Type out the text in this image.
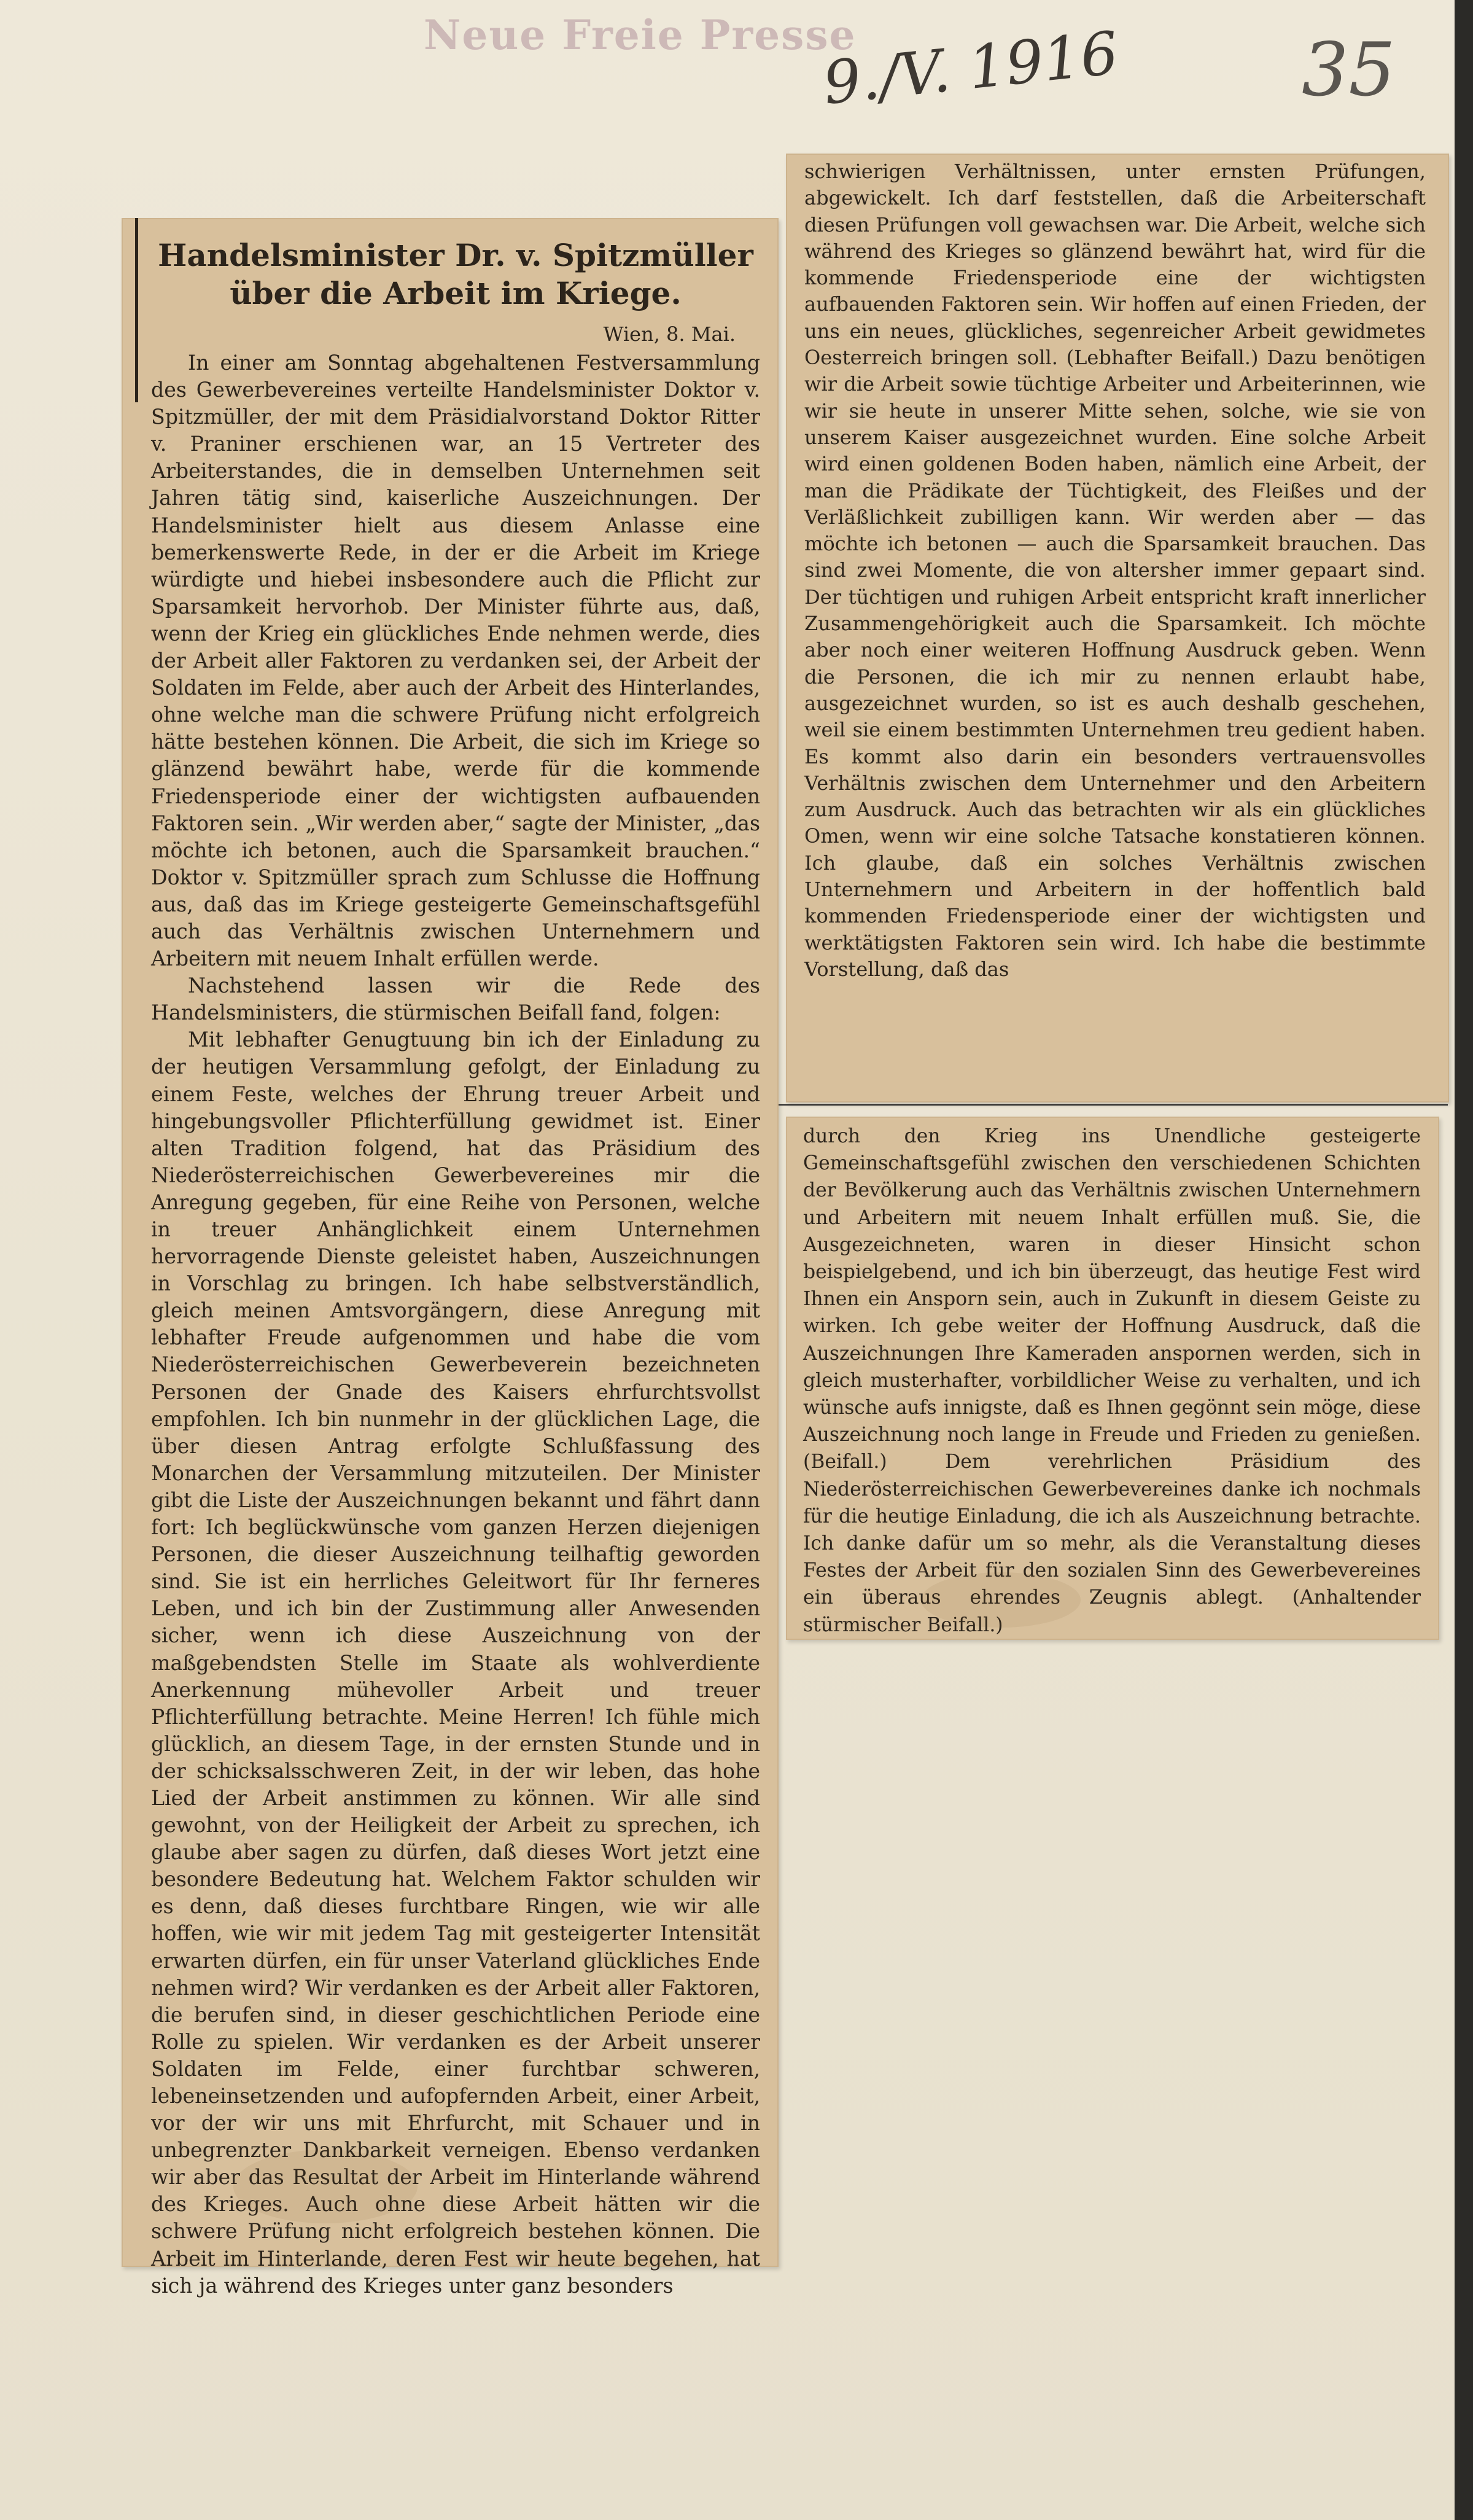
Neue Freie Presse
9./V. 1916 35
Handelsminister Dr. v. Spitzmüller über die Arbeit im Kriege.
Wien, 8. Mai.

In einer am Sonntag abgehaltenen Festversammlung des Gewerbevereines verteilte Handelsminister Doktor v. Spitzmüller, der mit dem Präsidialvorstand Doktor Ritter v. Praniner erschienen war, an 15 Vertreter des Arbeiterstandes, die in demselben Unternehmen seit Jahren tätig sind, kaiserliche Auszeichnungen. Der Handelsminister hielt aus diesem Anlasse eine bemerkenswerte Rede, in der er die Arbeit im Kriege würdigte und hiebei insbesondere auch die Pflicht zur Sparsamkeit hervorhob. Der Minister führte aus, daß, wenn der Krieg ein glückliches Ende nehmen werde, dies der Arbeit aller Faktoren zu verdanken sei, der Arbeit der Soldaten im Felde, aber auch der Arbeit des Hinterlandes, ohne welche man die schwere Prüfung nicht erfolgreich hätte bestehen können. Die Arbeit, die sich im Kriege so glänzend bewährt habe, werde für die kommende Friedensperiode einer der wichtigsten aufbauenden Faktoren sein. „Wir werden aber,“ sagte der Minister, „das möchte ich betonen, auch die Sparsamkeit brauchen.“ Doktor v. Spitzmüller sprach zum Schlusse die Hoffnung aus, daß das im Kriege gesteigerte Gemeinschaftsgefühl auch das Verhältnis zwischen Unternehmern und Arbeitern mit neuem Inhalt erfüllen werde.

Nachstehend lassen wir die Rede des Handelsministers, die stürmischen Beifall fand, folgen:

Mit lebhafter Genugtuung bin ich der Einladung zu der heutigen Versammlung gefolgt, der Einladung zu einem Feste, welches der Ehrung treuer Arbeit und hingebungsvoller Pflichterfüllung gewidmet ist. Einer alten Tradition folgend, hat das Präsidium des Niederösterreichischen Gewerbevereines mir die Anregung gegeben, für eine Reihe von Personen, welche in treuer Anhänglichkeit einem Unternehmen hervorragende Dienste geleistet haben, Auszeichnungen in Vorschlag zu bringen. Ich habe selbstverständlich, gleich meinen Amtsvorgängern, diese Anregung mit lebhafter Freude aufgenommen und habe die vom Niederösterreichischen Gewerbeverein bezeichneten Personen der Gnade des Kaisers ehrfurchtsvollst empfohlen. Ich bin nunmehr in der glücklichen Lage, die über diesen Antrag erfolgte Schlußfassung des Monarchen der Versammlung mitzuteilen. Der Minister gibt die Liste der Auszeichnungen bekannt und fährt dann fort: Ich beglückwünsche vom ganzen Herzen diejenigen Personen, die dieser Auszeichnung teilhaftig geworden sind. Sie ist ein herrliches Geleitwort für Ihr ferneres Leben, und ich bin der Zustimmung aller Anwesenden sicher, wenn ich diese Auszeichnung von der maßgebendsten Stelle im Staate als wohlverdiente Anerkennung mühevoller Arbeit und treuer Pflichterfüllung betrachte. Meine Herren! Ich fühle mich glücklich, an diesem Tage, in der ernsten Stunde und in der schicksalsschweren Zeit, in der wir leben, das hohe Lied der Arbeit anstimmen zu können. Wir alle sind gewohnt, von der Heiligkeit der Arbeit zu sprechen, ich glaube aber sagen zu dürfen, daß dieses Wort jetzt eine besondere Bedeutung hat. Welchem Faktor schulden wir es denn, daß dieses furchtbare Ringen, wie wir alle hoffen, wie wir mit jedem Tag mit gesteigerter Intensität erwarten dürfen, ein für unser Vaterland glückliches Ende nehmen wird? Wir verdanken es der Arbeit aller Faktoren, die berufen sind, in dieser geschichtlichen Periode eine Rolle zu spielen. Wir verdanken es der Arbeit unserer Soldaten im Felde, einer furchtbar schweren, lebeneinsetzenden und aufopfernden Arbeit, einer Arbeit, vor der wir uns mit Ehrfurcht, mit Schauer und in unbegrenzter Dankbarkeit verneigen. Ebenso verdanken wir aber das Resultat der Arbeit im Hinterlande während des Krieges. Auch ohne diese Arbeit hätten wir die schwere Prüfung nicht erfolgreich bestehen können. Die Arbeit im Hinterlande, deren Fest wir heute begehen, hat sich ja während des Krieges unter ganz besonders

schwierigen Verhältnissen, unter ernsten Prüfungen, abgewickelt. Ich darf feststellen, daß die Arbeiterschaft diesen Prüfungen voll gewachsen war. Die Arbeit, welche sich während des Krieges so glänzend bewährt hat, wird für die kommende Friedensperiode eine der wichtigsten aufbauenden Faktoren sein. Wir hoffen auf einen Frieden, der uns ein neues, glückliches, segenreicher Arbeit gewidmetes Oesterreich bringen soll. (Lebhafter Beifall.) Dazu benötigen wir die Arbeit sowie tüchtige Arbeiter und Arbeiterinnen, wie wir sie heute in unserer Mitte sehen, solche, wie sie von unserem Kaiser ausgezeichnet wurden. Eine solche Arbeit wird einen goldenen Boden haben, nämlich eine Arbeit, der man die Prädikate der Tüchtigkeit, des Fleißes und der Verläßlichkeit zubilligen kann. Wir werden aber — das möchte ich betonen — auch die Sparsamkeit brauchen. Das sind zwei Momente, die von altersher immer gepaart sind. Der tüchtigen und ruhigen Arbeit entspricht kraft innerlicher Zusammengehörigkeit auch die Sparsamkeit. Ich möchte aber noch einer weiteren Hoffnung Ausdruck geben. Wenn die Personen, die ich mir zu nennen erlaubt habe, ausgezeichnet wurden, so ist es auch deshalb geschehen, weil sie einem bestimmten Unternehmen treu gedient haben. Es kommt also darin ein besonders vertrauensvolles Verhältnis zwischen dem Unternehmer und den Arbeitern zum Ausdruck. Auch das betrachten wir als ein glückliches Omen, wenn wir eine solche Tatsache konstatieren können. Ich glaube, daß ein solches Verhältnis zwischen Unternehmern und Arbeitern in der hoffentlich bald kommenden Friedensperiode einer der wichtigsten und werktätigsten Faktoren sein wird. Ich habe die bestimmte Vorstellung, daß das

durch den Krieg ins Unendliche gesteigerte Gemeinschaftsgefühl zwischen den verschiedenen Schichten der Bevölkerung auch das Verhältnis zwischen Unternehmern und Arbeitern mit neuem Inhalt erfüllen muß. Sie, die Ausgezeichneten, waren in dieser Hinsicht schon beispielgebend, und ich bin überzeugt, das heutige Fest wird Ihnen ein Ansporn sein, auch in Zukunft in diesem Geiste zu wirken. Ich gebe weiter der Hoffnung Ausdruck, daß die Auszeichnungen Ihre Kameraden anspornen werden, sich in gleich musterhafter, vorbildlicher Weise zu verhalten, und ich wünsche aufs innigste, daß es Ihnen gegönnt sein möge, diese Auszeichnung noch lange in Freude und Frieden zu genießen. (Beifall.) Dem verehrlichen Präsidium des Niederösterreichischen Gewerbevereines danke ich nochmals für die heutige Einladung, die ich als Auszeichnung betrachte. Ich danke dafür um so mehr, als die Veranstaltung dieses Festes der Arbeit für den sozialen Sinn des Gewerbevereines ein überaus ehrendes Zeugnis ablegt. (Anhaltender stürmischer Beifall.)
